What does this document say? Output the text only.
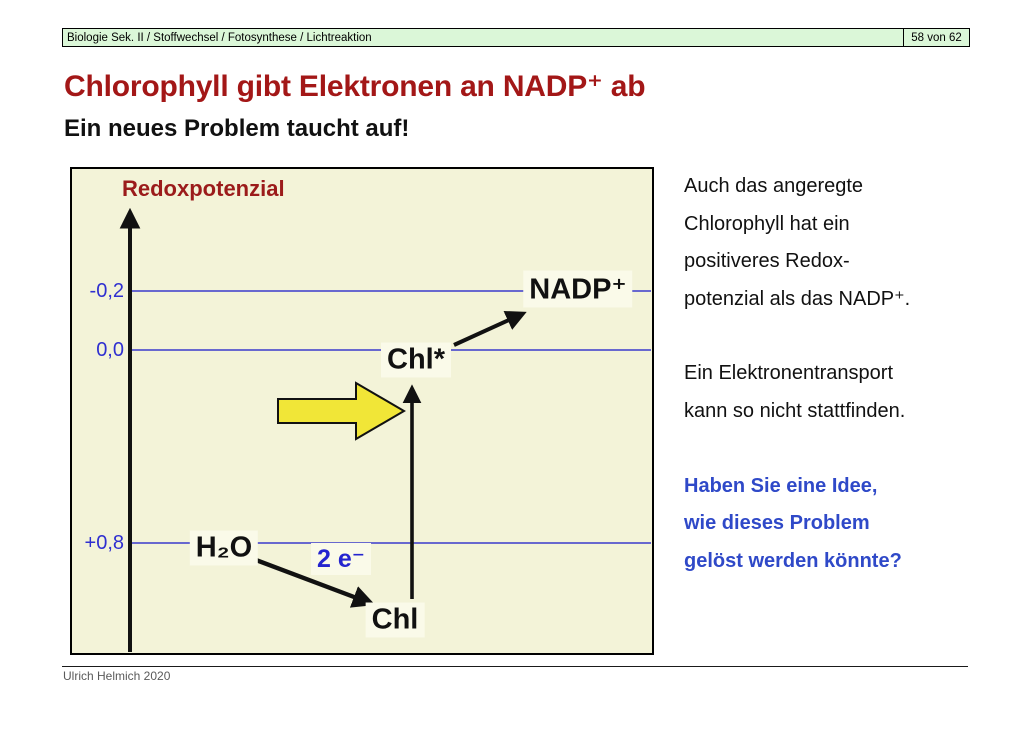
Biologie Sek. II / Stoffwechsel / Fotosynthese / Lichtreaktion	58 von 62
Chlorophyll gibt Elektronen an NADP⁺ ab
Ein neues Problem taucht auf!
Redoxpotenzial
-0,2
0,0
+0,8
NADP⁺
Chl*
H₂O	2 e⁻
Chl
Auch das angeregte
Chlorophyll hat ein
positiveres Redox-
potenzial als das NADP⁺.
Ein Elektronentransport
kann so nicht stattfinden.
Haben Sie eine Idee,
wie dieses Problem
gelöst werden könnte?
Ulrich Helmich 2020
